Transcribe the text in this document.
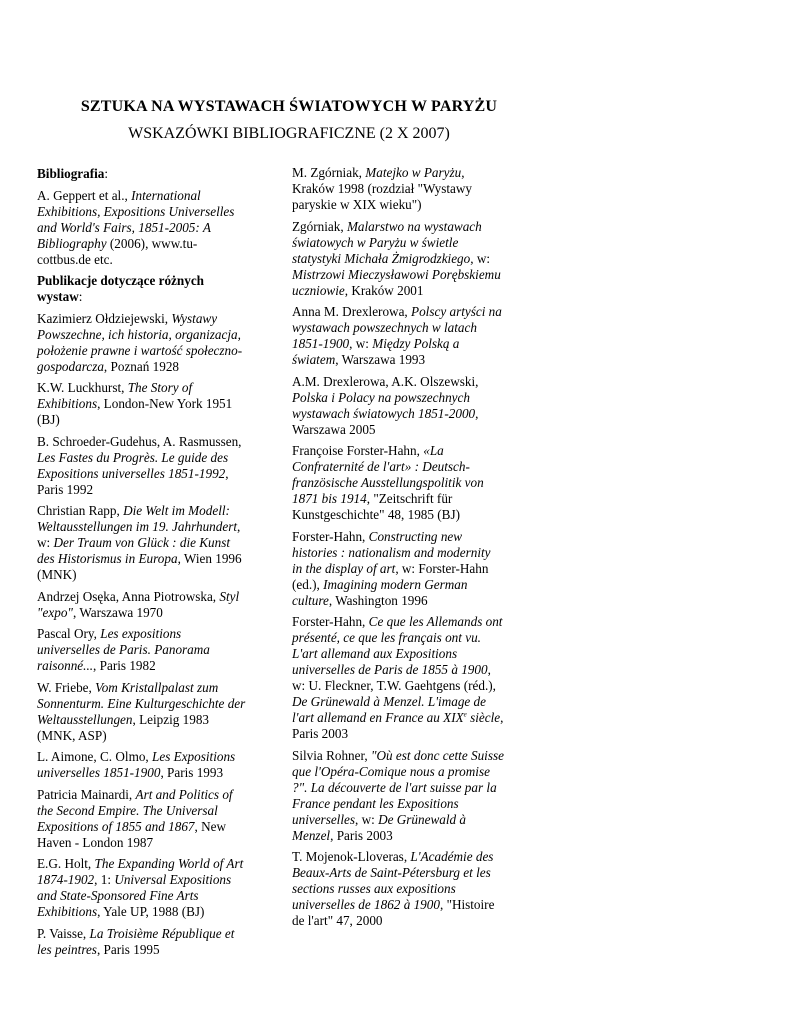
SZTUKA NA WYSTAWACH ŚWIATOWYCH W PARYŻU
WSKAZÓWKI BIBLIOGRAFICZNE (2 X 2007)
Bibliografia:
A. Geppert et al., International Exhibitions, Expositions Universelles and World's Fairs, 1851-2005: A Bibliography (2006), www.tu-cottbus.de etc.
Publikacje dotyczące różnych wystaw:
Kazimierz Ołdziejewski, Wystawy Powszechne, ich historia, organizacja, położenie prawne i wartość społeczno-gospodarcza, Poznań 1928
K.W. Luckhurst, The Story of Exhibitions, London-New York 1951 (BJ)
B. Schroeder-Gudehus, A. Rasmussen, Les Fastes du Progrès. Le guide des Expositions universelles 1851-1992, Paris 1992
Christian Rapp, Die Welt im Modell: Weltausstellungen im 19. Jahrhundert, w: Der Traum von Glück : die Kunst des Historismus in Europa, Wien 1996 (MNK)
Andrzej Osęka, Anna Piotrowska, Styl "expo", Warszawa 1970
Pascal Ory, Les expositions universelles de Paris. Panorama raisonné..., Paris 1982
W. Friebe, Vom Kristallpalast zum Sonnenturm. Eine Kulturgeschichte der Weltausstellungen, Leipzig 1983 (MNK, ASP)
L. Aimone, C. Olmo, Les Expositions universelles 1851-1900, Paris 1993
Patricia Mainardi, Art and Politics of the Second Empire. The Universal Expositions of 1855 and 1867, New Haven - London 1987
E.G. Holt, The Expanding World of Art 1874-1902, 1: Universal Expositions and State-Sponsored Fine Arts Exhibitions, Yale UP, 1988 (BJ)
P. Vaisse, La Troisième République et les peintres, Paris 1995
M. Zgórniak, Matejko w Paryżu, Kraków 1998 (rozdział "Wystawy paryskie w XIX wieku")
Zgórniak, Malarstwo na wystawach światowych w Paryżu w świetle statystyki Michała Żmigrodzkiego, w: Mistrzowi Mieczysławowi Porębskiemu uczniowie, Kraków 2001
Anna M. Drexlerowa, Polscy artyści na wystawach powszechnych w latach 1851-1900, w: Między Polską a światem, Warszawa 1993
A.M. Drexlerowa, A.K. Olszewski, Polska i Polacy na powszechnych wystawach światowych 1851-2000, Warszawa 2005
Françoise Forster-Hahn, «La Confraternité de l'art» : Deutsch-französische Ausstellungspolitik von 1871 bis 1914, "Zeitschrift für Kunstgeschichte" 48, 1985 (BJ)
Forster-Hahn, Constructing new histories : nationalism and modernity in the display of art, w: Forster-Hahn (ed.), Imagining modern German culture, Washington 1996
Forster-Hahn, Ce que les Allemands ont présenté, ce que les français ont vu. L'art allemand aux Expositions universelles de Paris de 1855 à 1900, w: U. Fleckner, T.W. Gaehtgens (réd.), De Grünewald à Menzel. L'image de l'art allemand en France au XIXe siècle, Paris 2003
Silvia Rohner, "Où est donc cette Suisse que l'Opéra-Comique nous a promise ?". La découverte de l'art suisse par la France pendant les Expositions universelles, w: De Grünewald à Menzel, Paris 2003
T. Mojenok-Lloveras, L'Académie des Beaux-Arts de Saint-Pétersburg et les sections russes aux expositions universelles de 1862 à 1900, "Histoire de l'art" 47, 2000
